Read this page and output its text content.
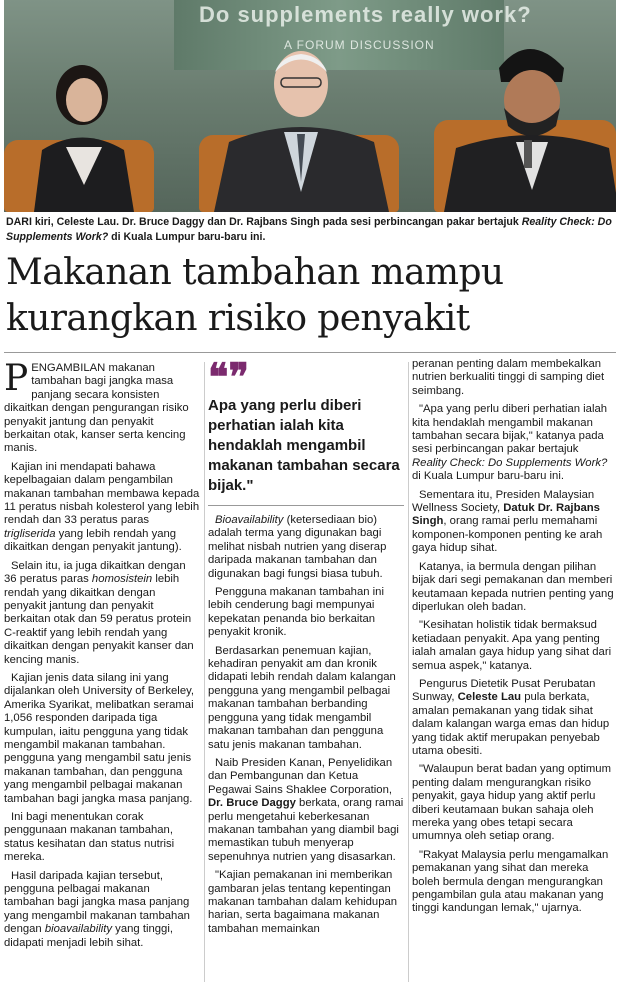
Do supplements really work?
A FORUM DISCUSSION
DARI kiri, Celeste Lau. Dr. Bruce Daggy dan Dr. Rajbans Singh pada sesi perbincangan pakar bertajuk Reality Check: Do Supplements Work? di Kuala Lumpur baru-baru ini.
Makanan tambahan mampu
kurangkan risiko penyakit

PENGAMBILAN makanan tambahan bagi jangka masa panjang secara konsisten dikaitkan dengan pengurangan risiko penyakit jantung dan penyakit berkaitan otak, kanser serta kencing manis.

Kajian ini mendapati bahawa kepelbagaian dalam pengambilan makanan tambahan membawa kepada 11 peratus nisbah kolesterol yang lebih rendah dan 33 peratus paras trigliserida yang lebih rendah yang dikaitkan dengan penyakit jantung).

Selain itu, ia juga dikaitkan dengan 36 peratus paras homosistein lebih rendah yang dikaitkan dengan penyakit jantung dan penyakit berkaitan otak dan 59 peratus protein C-reaktif yang lebih rendah yang dikaitkan dengan penyakit kanser dan kencing manis.

Kajian jenis data silang ini yang dijalankan oleh University of Berkeley, Amerika Syarikat, melibatkan seramai 1,056 responden daripada tiga kumpulan, iaitu pengguna yang tidak mengambil makanan tambahan. pengguna yang mengambil satu jenis makanan tambahan, dan pengguna yang mengambil pelbagai makanan tambahan bagi jangka masa panjang.

Ini bagi menentukan corak penggunaan makanan tambahan, status kesihatan dan status nutrisi mereka.

Hasil daripada kajian tersebut, pengguna pelbagai makanan tambahan bagi jangka masa panjang yang mengambil makanan tambahan dengan bioavailability yang tinggi, didapati menjadi lebih sihat.

❝❞
Apa yang perlu diberi perhatian ialah kita hendaklah mengambil makanan tambahan secara bijak."

Bioavailability (ketersediaan bio) adalah terma yang digunakan bagi melihat nisbah nutrien yang diserap daripada makanan tambahan dan digunakan bagi fungsi biasa tubuh.

Pengguna makanan tambahan ini lebih cenderung bagi mempunyai kepekatan penanda bio berkaitan penyakit kronik.

Berdasarkan penemuan kajian, kehadiran penyakit am dan kronik didapati lebih rendah dalam kalangan pengguna yang mengambil pelbagai makanan tambahan berbanding pengguna yang tidak mengambil makanan tambahan dan pengguna satu jenis makanan tambahan.

Naib Presiden Kanan, Penyelidikan dan Pembangunan dan Ketua Pegawai Sains Shaklee Corporation, Dr. Bruce Daggy berkata, orang ramai perlu mengetahui keberkesanan makanan tambahan yang diambil bagi memastikan tubuh menyerap sepenuhnya nutrien yang disasarkan.

"Kajian pemakanan ini memberikan gambaran jelas tentang kepentingan makanan tambahan dalam kehidupan harian, serta bagaimana makanan tambahan memainkan

peranan penting dalam membekalkan nutrien berkualiti tinggi di samping diet seimbang.

"Apa yang perlu diberi perhatian ialah kita hendaklah mengambil makanan tambahan secara bijak," katanya pada sesi perbincangan pakar bertajuk Reality Check: Do Supplements Work? di Kuala Lumpur baru-baru ini.

Sementara itu, Presiden Malaysian Wellness Society, Datuk Dr. Rajbans Singh, orang ramai perlu memahami komponen-komponen penting ke arah gaya hidup sihat.

Katanya, ia bermula dengan pilihan bijak dari segi pemakanan dan memberi keutamaan kepada nutrien penting yang diperlukan oleh badan.

"Kesihatan holistik tidak bermaksud ketiadaan penyakit. Apa yang penting ialah amalan gaya hidup yang sihat dari semua aspek," katanya.

Pengurus Dietetik Pusat Perubatan Sunway, Celeste Lau pula berkata, amalan pemakanan yang tidak sihat dalam kalangan warga emas dan hidup yang tidak aktif merupakan penyebab utama obesiti.

"Walaupun berat badan yang optimum penting dalam mengurangkan risiko penyakit, gaya hidup yang aktif perlu diberi keutamaan bukan sahaja oleh mereka yang obes tetapi secara umumnya oleh setiap orang.

"Rakyat Malaysia perlu mengamalkan pemakanan yang sihat dan mereka boleh bermula dengan mengurangkan pengambilan gula atau makanan yang tinggi kandungan lemak," ujarnya.
